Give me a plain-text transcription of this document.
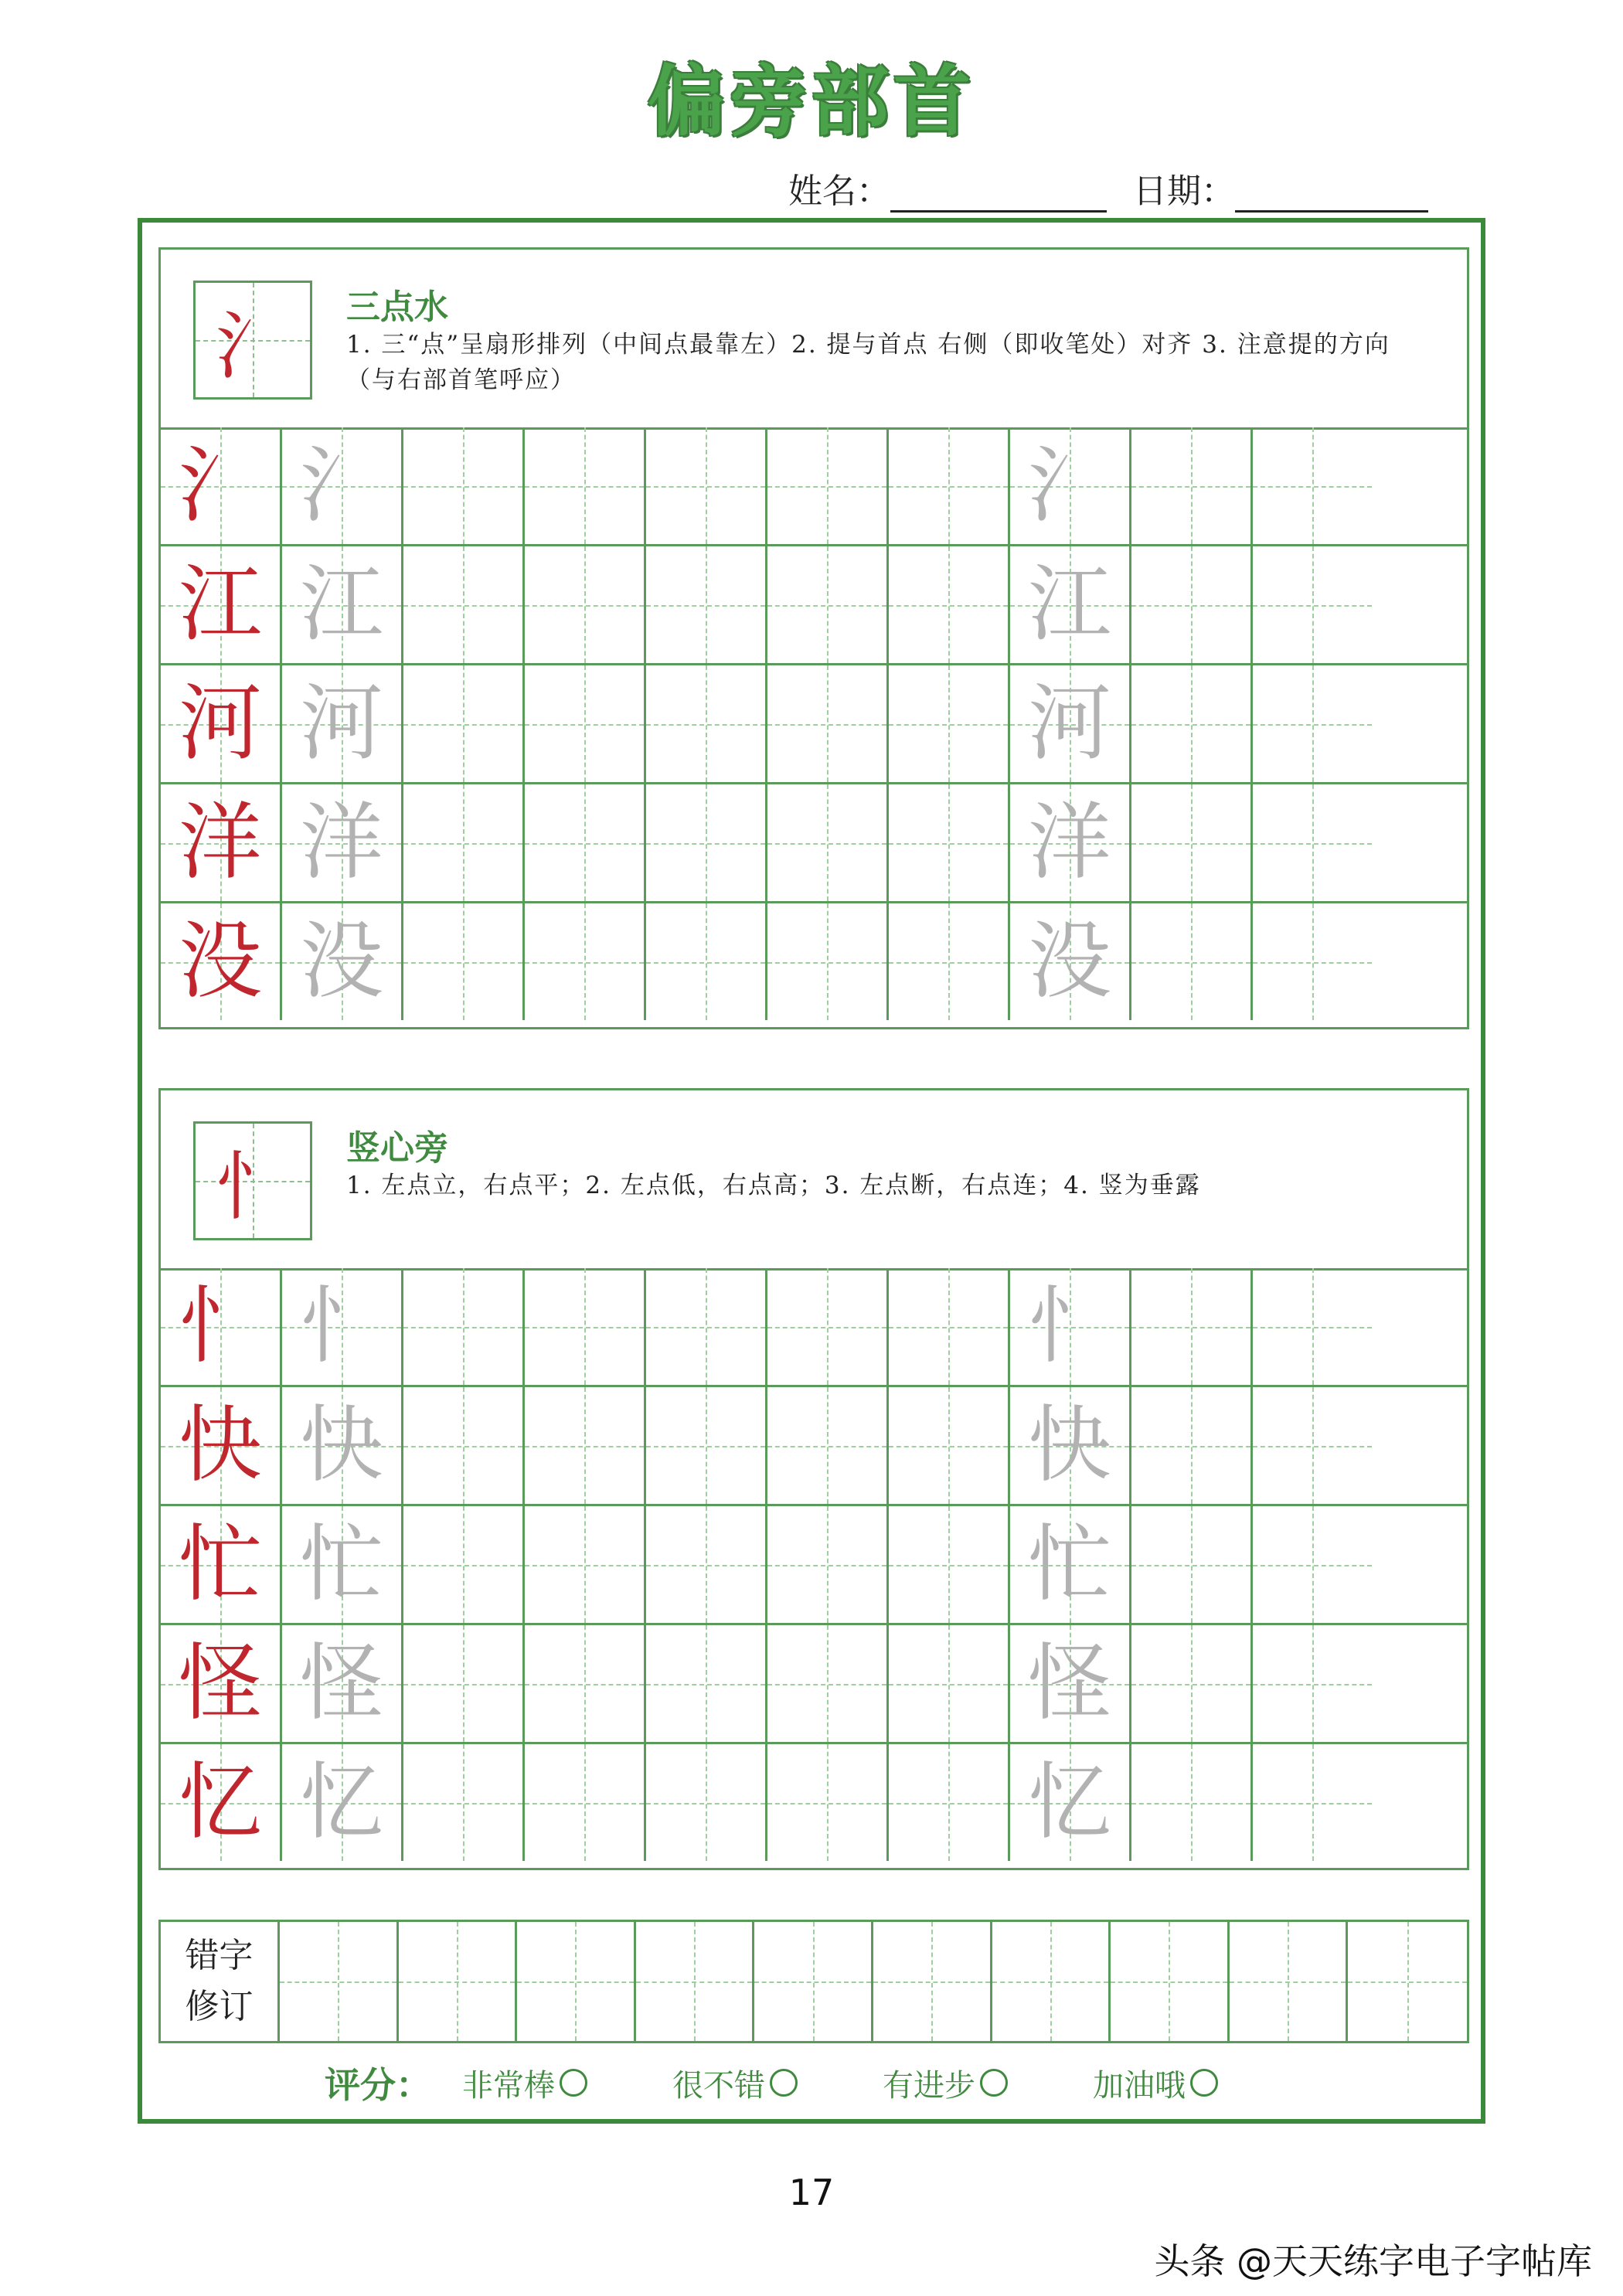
偏旁部首
姓名：	日期：
氵	三点水
1. 三“点”呈扇形排列（中间点最靠左）2. 提与首点 右侧（即收笔处）对齐 3. 注意提的方向（与右部首笔呼应）
氵 氵	氵
江 江	江
河 河	河
洋 洋	洋
没 没	没
忄	竖心旁
1. 左点立，右点平；2. 左点低，右点高；3. 左点断，右点连；4. 竖为垂露
忄 忄	忄
快 快	快
忙 忙	忙
怪 怪	怪
忆 忆	忆
错字
修订
评分： 非常棒	很不错	有进步	加油哦
17
头条 @天天练字电子字帖库
